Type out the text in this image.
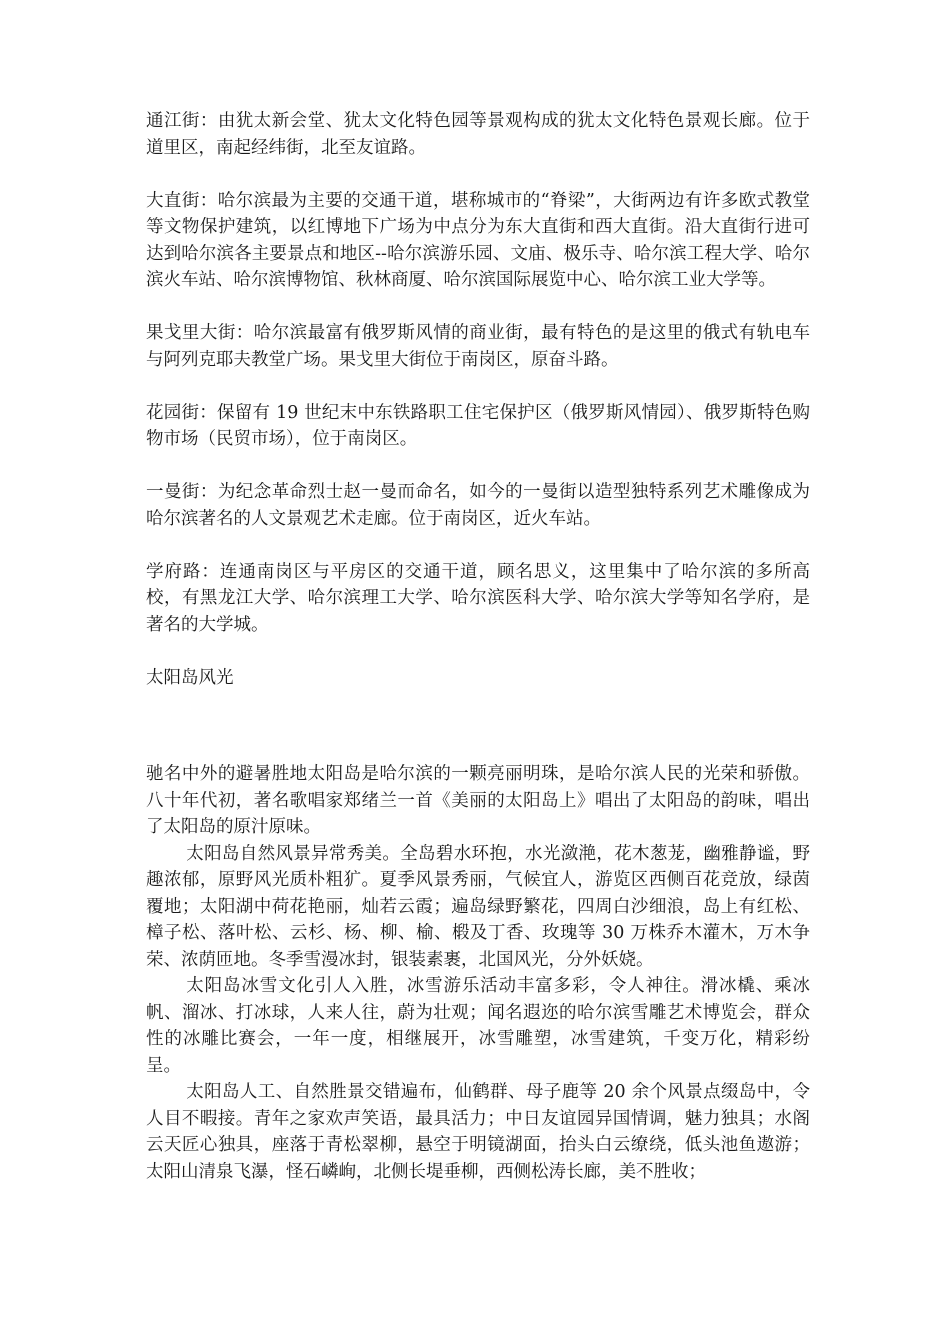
通江街：由犹太新会堂、犹太文化特色园等景观构成的犹太文化特色景观长廊。位于道里区，南起经纬街，北至友谊路。

大直街：哈尔滨最为主要的交通干道，堪称城市的“脊梁”，大街两边有许多欧式教堂等文物保护建筑，以红博地下广场为中点分为东大直街和西大直街。沿大直街行进可达到哈尔滨各主要景点和地区--哈尔滨游乐园、文庙、极乐寺、哈尔滨工程大学、哈尔滨火车站、哈尔滨博物馆、秋林商厦、哈尔滨国际展览中心、哈尔滨工业大学等。

果戈里大街：哈尔滨最富有俄罗斯风情的商业街，最有特色的是这里的俄式有轨电车与阿列克耶夫教堂广场。果戈里大街位于南岗区，原奋斗路。

花园街：保留有 19 世纪末中东铁路职工住宅保护区（俄罗斯风情园）、俄罗斯特色购物市场（民贸市场），位于南岗区。

一曼街：为纪念革命烈士赵一曼而命名，如今的一曼街以造型独特系列艺术雕像成为哈尔滨著名的人文景观艺术走廊。位于南岗区，近火车站。

学府路：连通南岗区与平房区的交通干道，顾名思义，这里集中了哈尔滨的多所高校，有黑龙江大学、哈尔滨理工大学、哈尔滨医科大学、哈尔滨大学等知名学府，是著名的大学城。

太阳岛风光

驰名中外的避暑胜地太阳岛是哈尔滨的一颗亮丽明珠，是哈尔滨人民的光荣和骄傲。八十年代初，著名歌唱家郑绪兰一首《美丽的太阳岛上》唱出了太阳岛的韵味，唱出了太阳岛的原汁原味。

太阳岛自然风景异常秀美。全岛碧水环抱，水光潋滟，花木葱茏，幽雅静谧，野趣浓郁，原野风光质朴粗犷。夏季风景秀丽，气候宜人，游览区西侧百花竞放，绿茵覆地；太阳湖中荷花艳丽，灿若云霞；遍岛绿野繁花，四周白沙细浪，岛上有红松、樟子松、落叶松、云杉、杨、柳、榆、椴及丁香、玫瑰等 30 万株乔木灌木，万木争荣、浓荫匝地。冬季雪漫冰封，银装素裹，北国风光，分外妖娆。

太阳岛冰雪文化引人入胜，冰雪游乐活动丰富多彩，令人神往。滑冰橇、乘冰帆、溜冰、打冰球，人来人往，蔚为壮观；闻名遐迩的哈尔滨雪雕艺术博览会，群众性的冰雕比赛会，一年一度，相继展开，冰雪雕塑，冰雪建筑，千变万化，精彩纷呈。

太阳岛人工、自然胜景交错遍布，仙鹤群、母子鹿等 20 余个风景点缀岛中，令人目不暇接。青年之家欢声笑语，最具活力；中日友谊园异国情调，魅力独具；水阁云天匠心独具，座落于青松翠柳，悬空于明镜湖面，抬头白云缭绕，低头池鱼遨游；太阳山清泉飞瀑，怪石嶙峋，北侧长堤垂柳，西侧松涛长廊，美不胜收；
